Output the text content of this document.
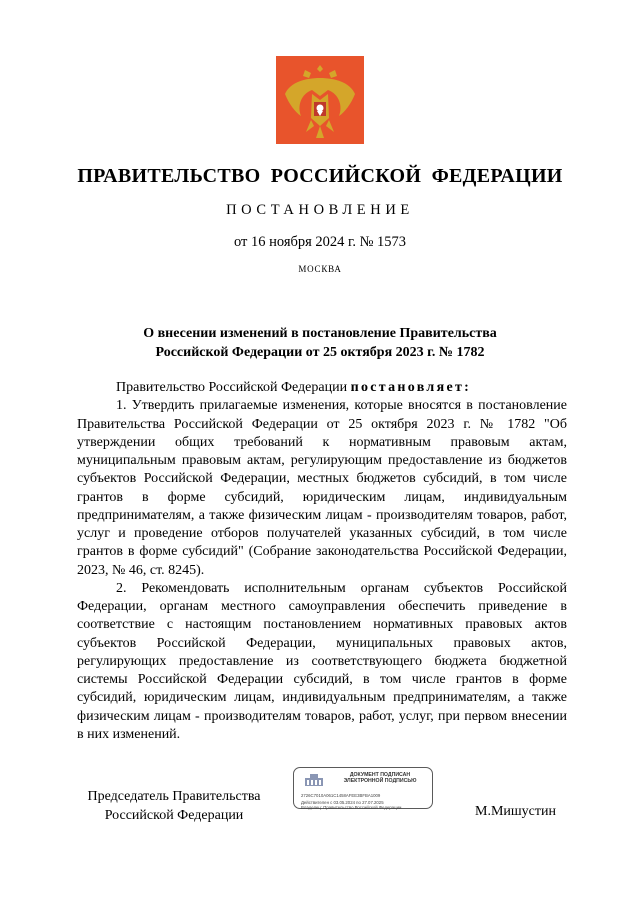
ПРАВИТЕЛЬСТВО РОССИЙСКОЙ ФЕДЕРАЦИИ
ПОСТАНОВЛЕНИЕ
от 16 ноября 2024 г. № 1573
МОСКВА
О внесении изменений в постановление Правительства
Российской Федерации от 25 октября 2023 г. № 1782

Правительство Российской Федерации постановляет:

1. Утвердить прилагаемые изменения, которые вносятся в постановление Правительства Российской Федерации от 25 октября 2023 г. № 1782 "Об утверждении общих требований к нормативным правовым актам, муниципальным правовым актам, регулирующим предоставление из бюджетов субъектов Российской Федерации, местных бюджетов субсидий, в том числе грантов в форме субсидий, юридическим лицам, индивидуальным предпринимателям, а также физическим лицам - производителям товаров, работ, услуг и проведение отборов получателей указанных субсидий, в том числе грантов в форме субсидий" (Собрание законодательства Российской Федерации, 2023, № 46, ст. 8245).

2. Рекомендовать исполнительным органам субъектов Российской Федерации, органам местного самоуправления обеспечить приведение в соответствие с настоящим постановлением нормативных правовых актов субъектов Российской Федерации, муниципальных правовых актов, регулирующих предоставление из соответствующего бюджета бюджетной системы Российской Федерации субсидий, в том числе грантов в форме субсидий, юридическим лицам, индивидуальным предпринимателям, а также физическим лицам - производителям товаров, работ, услуг, при первом внесении в них изменений.

Председатель Правительства
Российской Федерации
ДОКУМЕНТ ПОДПИСАН
ЭЛЕКТРОННОЙ ПОДПИСЬЮ
2726C7010A061C1458AFEE3BFBA1009
Действителен с 03.05.2024 по 27.07.2025
Владелец: Правительство Российской Федерации	М.Мишустин
